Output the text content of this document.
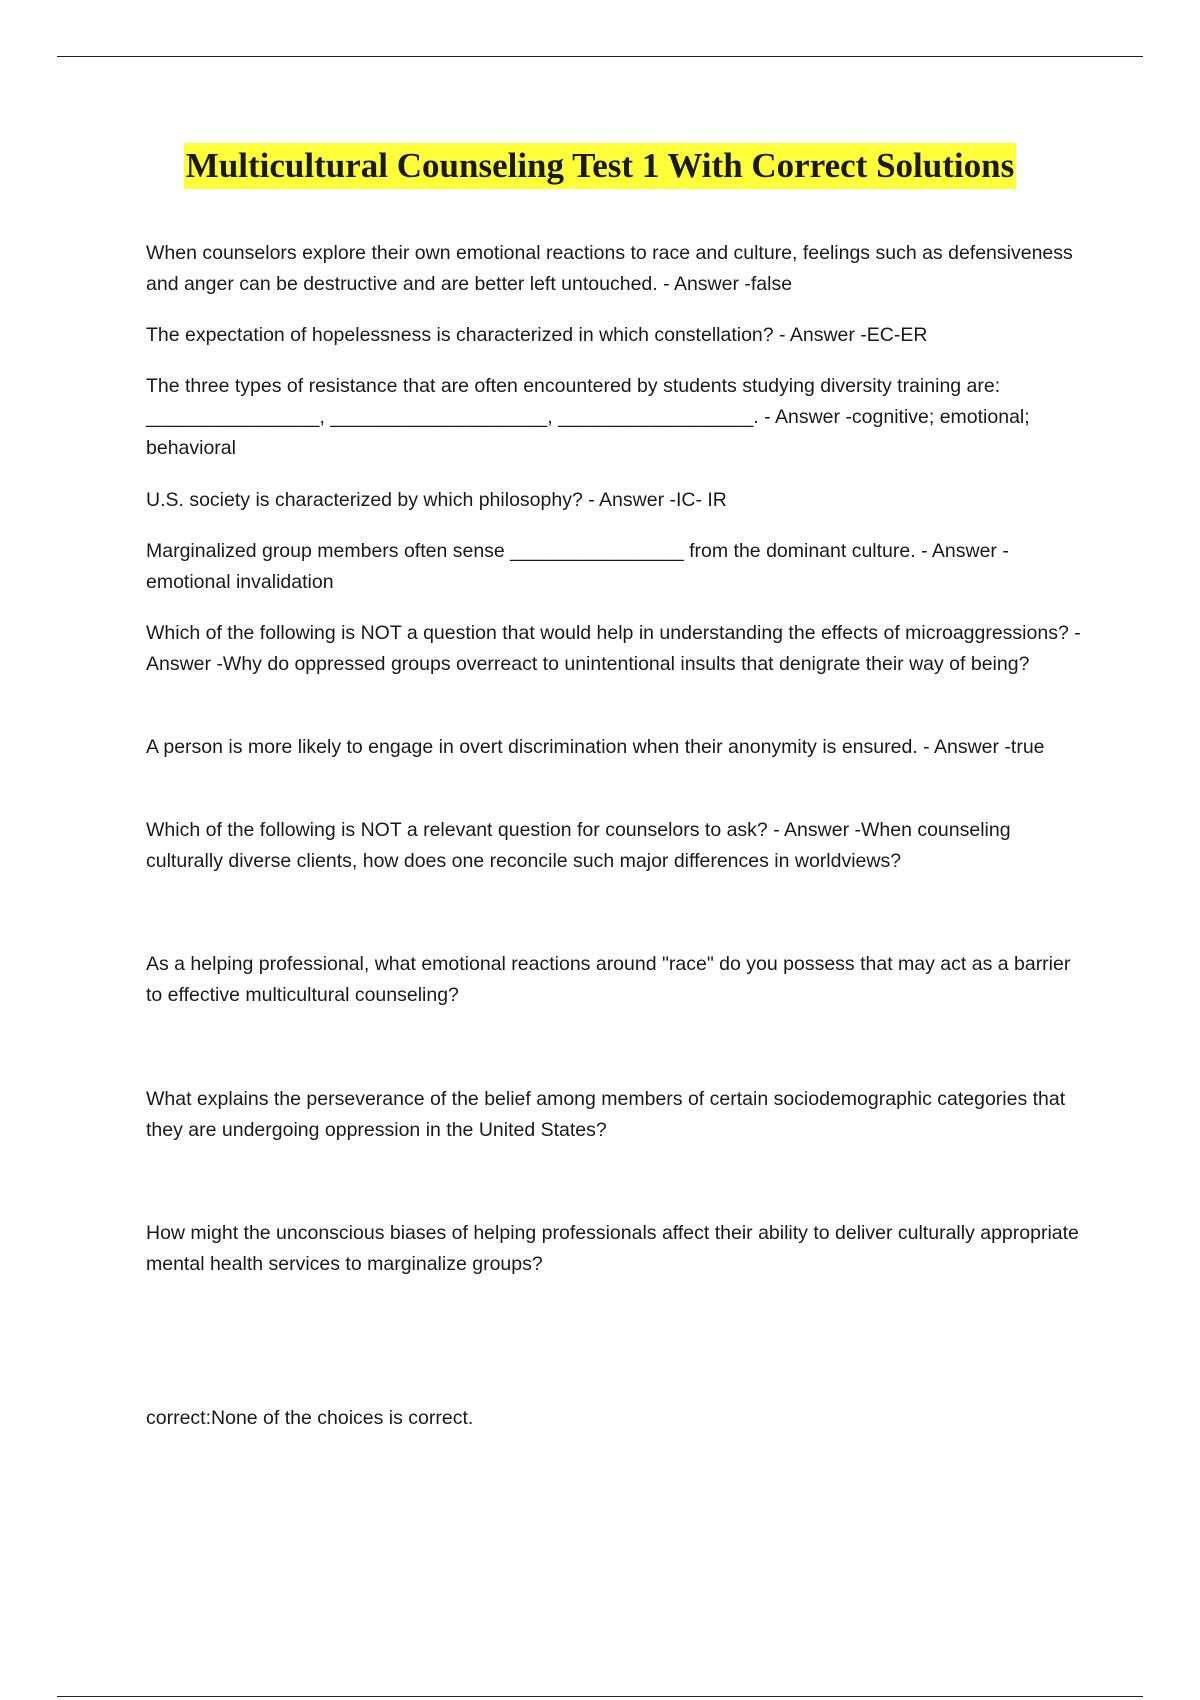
Multicultural Counseling Test 1 With Correct Solutions

When counselors explore their own emotional reactions to race and culture, feelings such as defensiveness and anger can be destructive and are better left untouched. - Answer -false

The expectation of hopelessness is characterized in which constellation? - Answer -EC-ER

The three types of resistance that are often encountered by students studying diversity training are: ________________, ____________________, __________________. - Answer -cognitive; emotional; behavioral

U.S. society is characterized by which philosophy? - Answer -IC- IR

Marginalized group members often sense ________________ from the dominant culture. - Answer -emotional invalidation

Which of the following is NOT a question that would help in understanding the effects of microaggressions? - Answer -Why do oppressed groups overreact to unintentional insults that denigrate their way of being?

A person is more likely to engage in overt discrimination when their anonymity is ensured. - Answer -true

Which of the following is NOT a relevant question for counselors to ask? - Answer -When counseling culturally diverse clients, how does one reconcile such major differences in worldviews?

As a helping professional, what emotional reactions around "race" do you possess that may act as a barrier to effective multicultural counseling?

What explains the perseverance of the belief among members of certain sociodemographic categories that they are undergoing oppression in the United States?

How might the unconscious biases of helping professionals affect their ability to deliver culturally appropriate mental health services to marginalize groups?

correct:None of the choices is correct.
